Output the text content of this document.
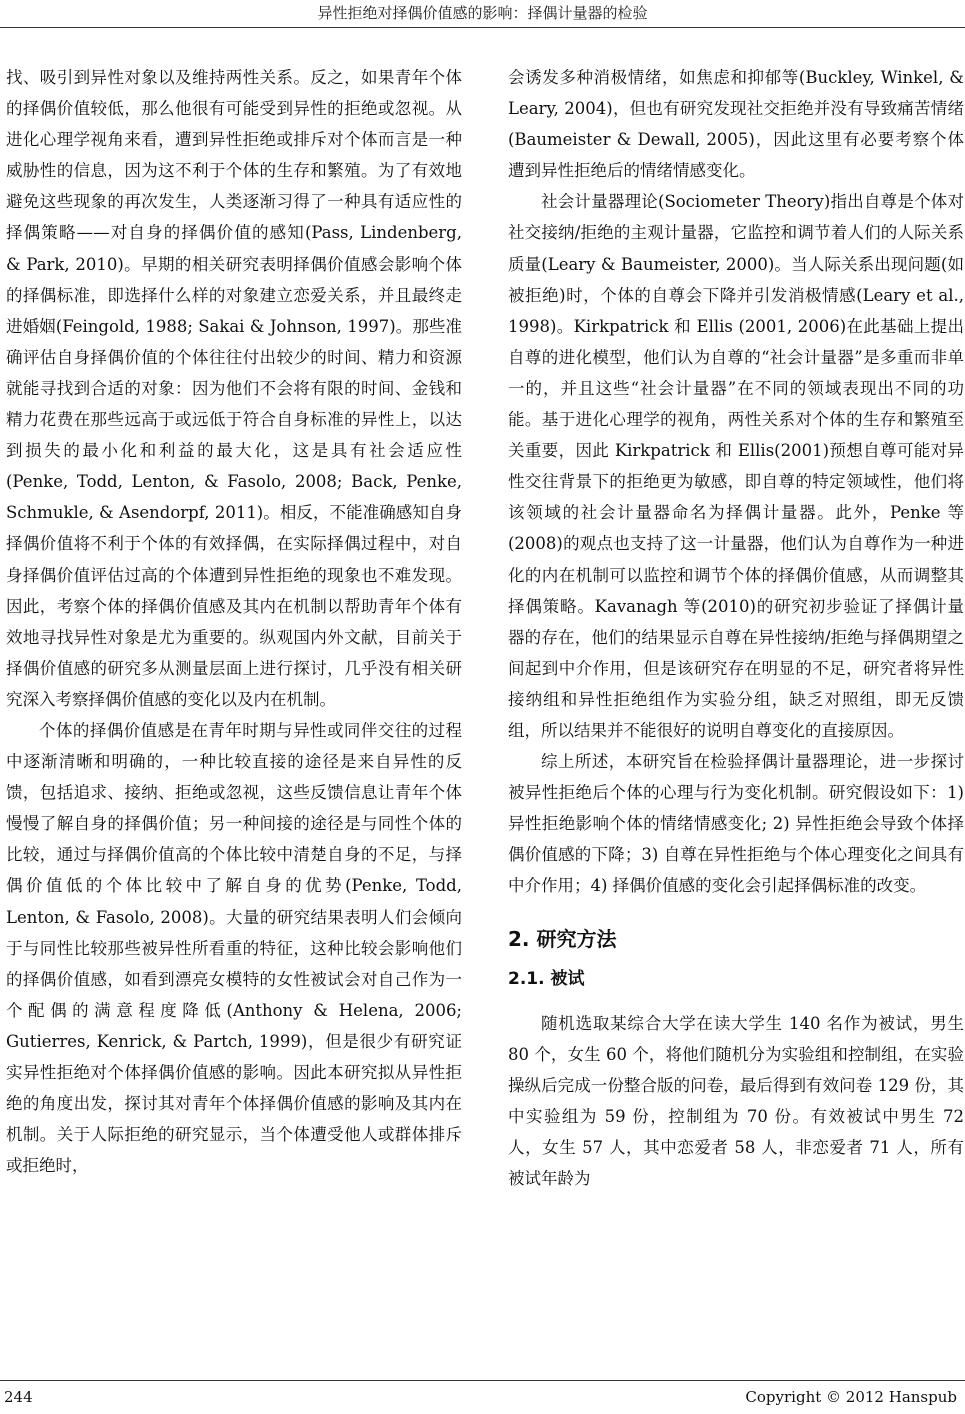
异性拒绝对择偶价值感的影响：择偶计量器的检验

找、吸引到异性对象以及维持两性关系。反之，如果青年个体的择偶价值较低，那么他很有可能受到异性的拒绝或忽视。从进化心理学视角来看，遭到异性拒绝或排斥对个体而言是一种威胁性的信息，因为这不利于个体的生存和繁殖。为了有效地避免这些现象的再次发生，人类逐渐习得了一种具有适应性的择偶策略——对自身的择偶价值的感知(Pass, Lindenberg, & Park, 2010)。早期的相关研究表明择偶价值感会影响个体的择偶标准，即选择什么样的对象建立恋爱关系，并且最终走进婚姻(Feingold, 1988; Sakai & Johnson, 1997)。那些准确评估自身择偶价值的个体往往付出较少的时间、精力和资源就能寻找到合适的对象：因为他们不会将有限的时间、金钱和精力花费在那些远高于或远低于符合自身标准的异性上，以达到损失的最小化和利益的最大化，这是具有社会适应性(Penke, Todd, Lenton, & Fasolo, 2008; Back, Penke, Schmukle, & Asendorpf, 2011)。相反，不能准确感知自身择偶价值将不利于个体的有效择偶，在实际择偶过程中，对自身择偶价值评估过高的个体遭到异性拒绝的现象也不难发现。因此，考察个体的择偶价值感及其内在机制以帮助青年个体有效地寻找异性对象是尤为重要的。纵观国内外文献，目前关于择偶价值感的研究多从测量层面上进行探讨，几乎没有相关研究深入考察择偶价值感的变化以及内在机制。

个体的择偶价值感是在青年时期与异性或同伴交往的过程中逐渐清晰和明确的，一种比较直接的途径是来自异性的反馈，包括追求、接纳、拒绝或忽视，这些反馈信息让青年个体慢慢了解自身的择偶价值；另一种间接的途径是与同性个体的比较，通过与择偶价值高的个体比较中清楚自身的不足，与择偶价值低的个体比较中了解自身的优势(Penke, Todd, Lenton, & Fasolo, 2008)。大量的研究结果表明人们会倾向于与同性比较那些被异性所看重的特征，这种比较会影响他们的择偶价值感，如看到漂亮女模特的女性被试会对自己作为一个配偶的满意程度降低(Anthony & Helena, 2006; Gutierres, Kenrick, & Partch, 1999)，但是很少有研究证实异性拒绝对个体择偶价值感的影响。因此本研究拟从异性拒绝的角度出发，探讨其对青年个体择偶价值感的影响及其内在机制。关于人际拒绝的研究显示，当个体遭受他人或群体排斥或拒绝时，

会诱发多种消极情绪，如焦虑和抑郁等(Buckley, Winkel, & Leary, 2004)，但也有研究发现社交拒绝并没有导致痛苦情绪(Baumeister & Dewall, 2005)，因此这里有必要考察个体遭到异性拒绝后的情绪情感变化。

社会计量器理论(Sociometer Theory)指出自尊是个体对社交接纳/拒绝的主观计量器，它监控和调节着人们的人际关系质量(Leary & Baumeister, 2000)。当人际关系出现问题(如被拒绝)时，个体的自尊会下降并引发消极情感(Leary et al., 1998)。Kirkpatrick 和 Ellis (2001, 2006)在此基础上提出自尊的进化模型，他们认为自尊的“社会计量器”是多重而非单一的，并且这些“社会计量器”在不同的领域表现出不同的功能。基于进化心理学的视角，两性关系对个体的生存和繁殖至关重要，因此 Kirkpatrick 和 Ellis(2001)预想自尊可能对异性交往背景下的拒绝更为敏感，即自尊的特定领域性，他们将该领域的社会计量器命名为择偶计量器。此外，Penke 等(2008)的观点也支持了这一计量器，他们认为自尊作为一种进化的内在机制可以监控和调节个体的择偶价值感，从而调整其择偶策略。Kavanagh 等(2010)的研究初步验证了择偶计量器的存在，他们的结果显示自尊在异性接纳/拒绝与择偶期望之间起到中介作用，但是该研究存在明显的不足，研究者将异性接纳组和异性拒绝组作为实验分组，缺乏对照组，即无反馈组，所以结果并不能很好的说明自尊变化的直接原因。

综上所述，本研究旨在检验择偶计量器理论，进一步探讨被异性拒绝后个体的心理与行为变化机制。研究假设如下：1) 异性拒绝影响个体的情绪情感变化; 2) 异性拒绝会导致个体择偶价值感的下降；3) 自尊在异性拒绝与个体心理变化之间具有中介作用；4) 择偶价值感的变化会引起择偶标准的改变。

2. 研究方法
2.1. 被试

随机选取某综合大学在读大学生 140 名作为被试，男生 80 个，女生 60 个，将他们随机分为实验组和控制组，在实验操纵后完成一份整合版的问卷，最后得到有效问卷 129 份，其中实验组为 59 份，控制组为 70 份。有效被试中男生 72 人，女生 57 人，其中恋爱者 58 人，非恋爱者 71 人，所有被试年龄为

244	Copyright © 2012 Hanspub
